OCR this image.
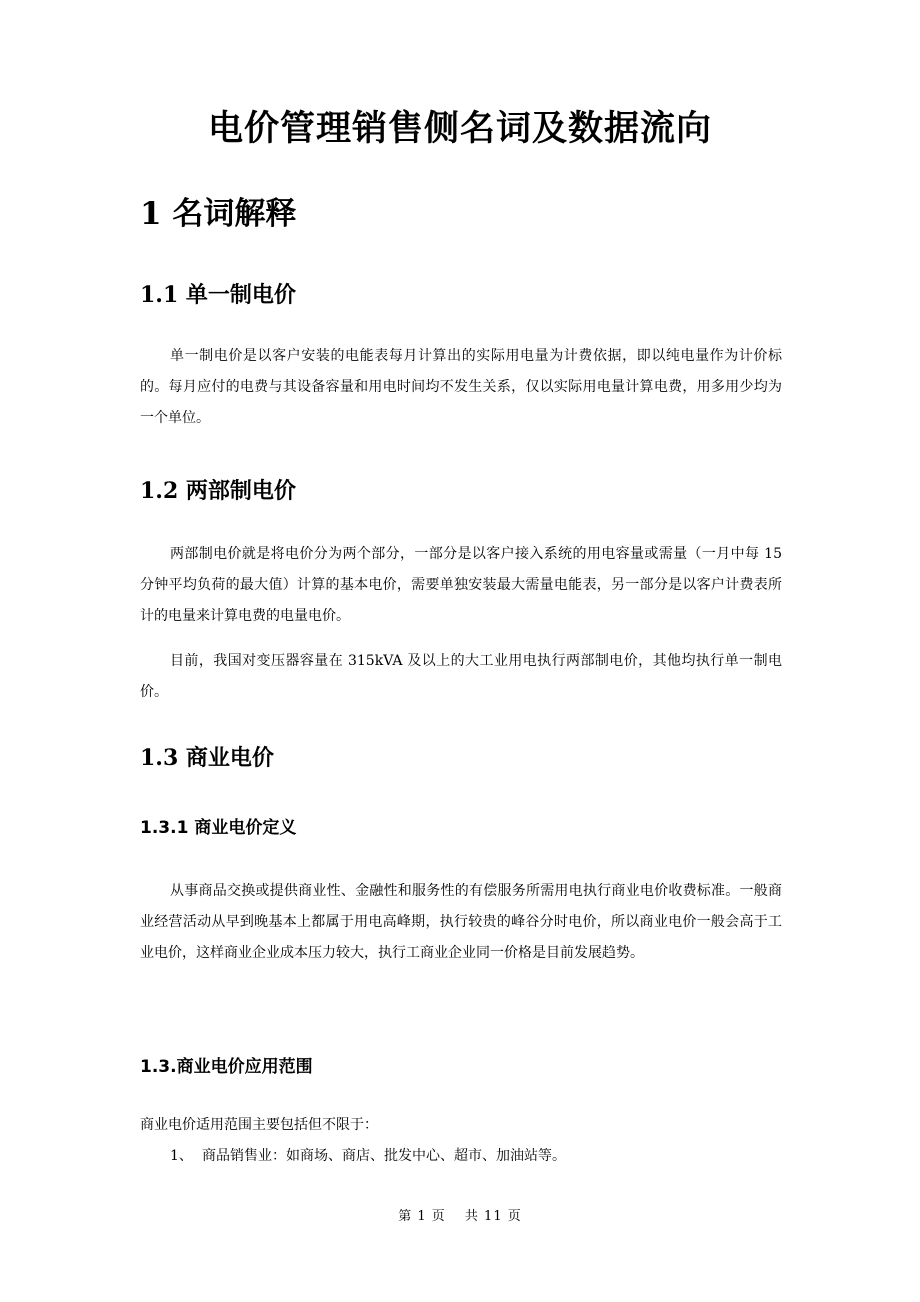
电价管理销售侧名词及数据流向
1 名词解释
1.1 单一制电价

单一制电价是以客户安装的电能表每月计算出的实际用电量为计费依据，即以纯电量作为计价标的。每月应付的电费与其设备容量和用电时间均不发生关系，仅以实际用电量计算电费，用多用少均为一个单位。

1.2 两部制电价

两部制电价就是将电价分为两个部分，一部分是以客户接入系统的用电容量或需量（一月中每 15 分钟平均负荷的最大值）计算的基本电价，需要单独安装最大需量电能表，另一部分是以客户计费表所计的电量来计算电费的电量电价。

目前，我国对变压器容量在 315kVA 及以上的大工业用电执行两部制电价，其他均执行单一制电价。

1.3 商业电价
1.3.1 商业电价定义

从事商品交换或提供商业性、金融性和服务性的有偿服务所需用电执行商业电价收费标准。一般商业经营活动从早到晚基本上都属于用电高峰期，执行较贵的峰谷分时电价，所以商业电价一般会高于工业电价，这样商业企业成本压力较大，执行工商业企业同一价格是目前发展趋势。

1.3.商业电价应用范围

商业电价适用范围主要包括但不限于：

1、 商品销售业：如商场、商店、批发中心、超市、加油站等。
第 1 页　 共 11 页
